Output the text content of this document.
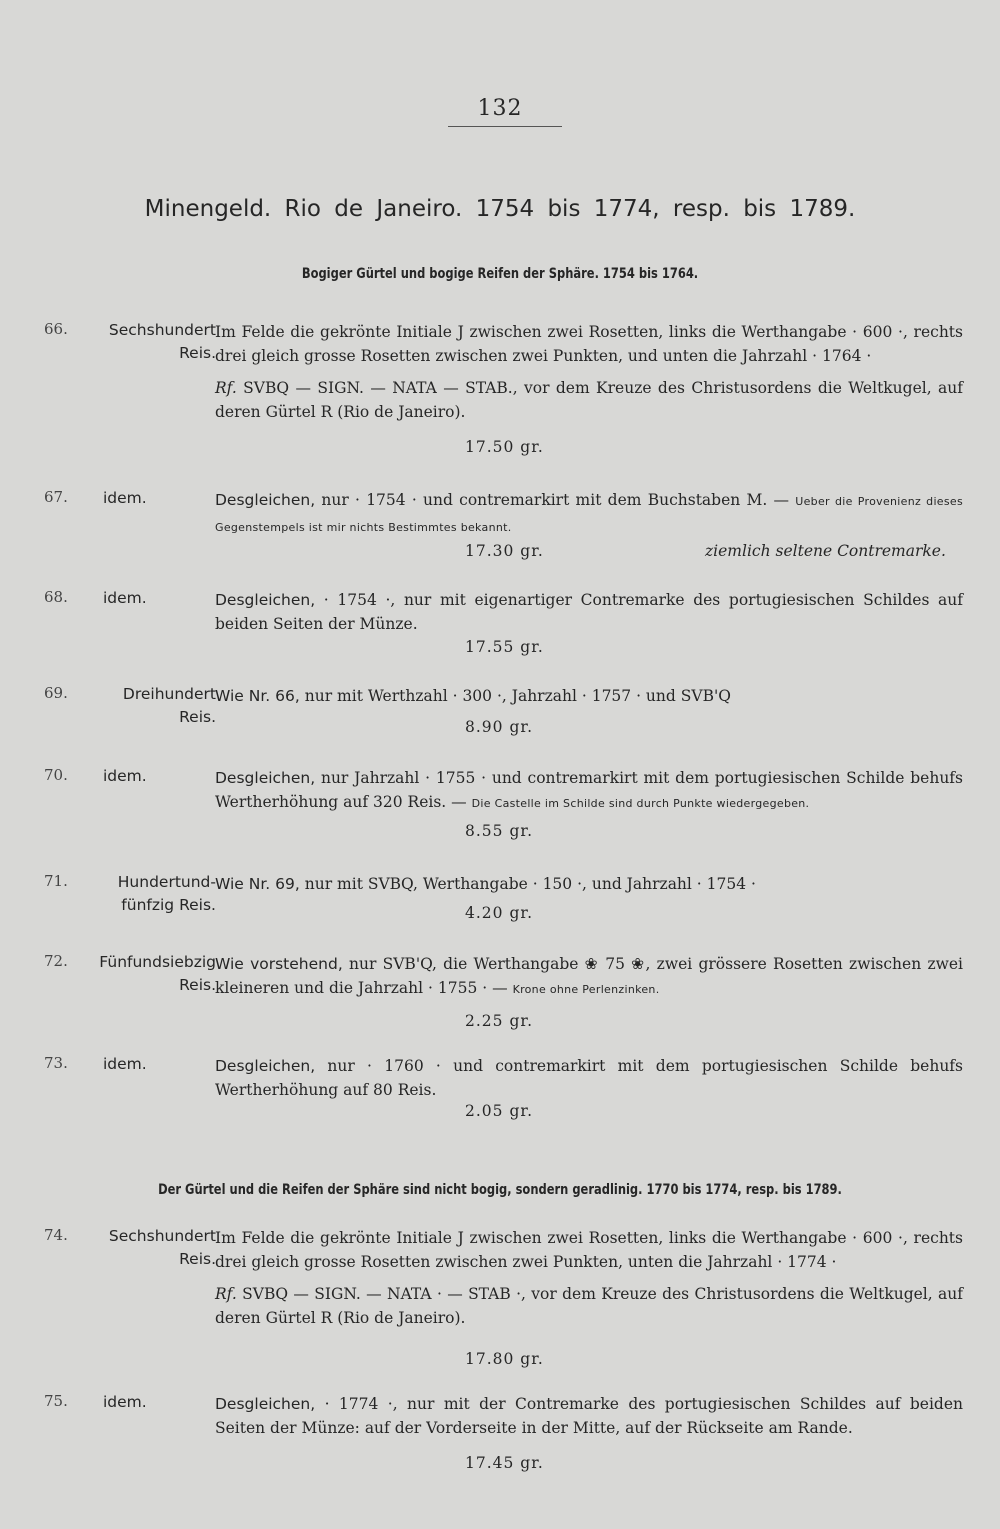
132
Minengeld. Rio de Janeiro. 1754 bis 1774, resp. bis 1789.
Bogiger Gürtel und bogige Reifen der Sphäre. 1754 bis 1764.
66.	Sechshundert
Reis.
Im Felde die gekrönte Initiale J zwischen zwei Rosetten, links die Werthangabe · 600 ·, rechts drei gleich grosse Rosetten zwischen zwei Punkten, und unten die Jahrzahl · 1764 ·
Rf. SVBQ — SIGN. — NATA — STAB., vor dem Kreuze des Christusordens die Weltkugel, auf deren Gürtel R (Rio de Janeiro).
17.50 gr.
67. idem.	Desgleichen, nur · 1754 · und contremarkirt mit dem Buchstaben M. — Ueber die Provenienz dieses Gegenstempels ist mir nichts Bestimmtes bekannt.
17.30 gr.	ziemlich seltene Contremarke.
68. idem.	Desgleichen, · 1754 ·, nur mit eigenartiger Contremarke des portugiesischen Schildes auf beiden Seiten der Münze.
17.55 gr.
69.	Dreihundert
Reis.
Wie Nr. 66, nur mit Werthzahl · 300 ·, Jahrzahl · 1757 · und SVB'Q
8.90 gr.
70. idem.	Desgleichen, nur Jahrzahl · 1755 · und contremarkirt mit dem portugiesischen Schilde behufs Wertherhöhung auf 320 Reis. — Die Castelle im Schilde sind durch Punkte wiedergegeben.
8.55 gr.
71.	Hundertund-
fünfzig Reis.
Wie Nr. 69, nur mit SVBQ, Werthangabe · 150 ·, und Jahrzahl · 1754 ·
4.20 gr.
72.	Fünfundsiebzig
Reis.
Wie vorstehend, nur SVB'Q, die Werthangabe ❀ 75 ❀, zwei grössere Rosetten zwischen zwei kleineren und die Jahrzahl · 1755 · — Krone ohne Perlenzinken.
2.25 gr.
73. idem.	Desgleichen, nur · 1760 · und contremarkirt mit dem portugiesischen Schilde behufs Wertherhöhung auf 80 Reis.
2.05 gr.
Der Gürtel und die Reifen der Sphäre sind nicht bogig, sondern geradlinig. 1770 bis 1774, resp. bis 1789.
74.	Sechshundert
Reis.
Im Felde die gekrönte Initiale J zwischen zwei Rosetten, links die Werthangabe · 600 ·, rechts drei gleich grosse Rosetten zwischen zwei Punkten, unten die Jahrzahl · 1774 ·
Rf. SVBQ — SIGN. — NATA · — STAB ·, vor dem Kreuze des Christusordens die Weltkugel, auf deren Gürtel R (Rio de Janeiro).
17.80 gr.
75. idem.	Desgleichen, · 1774 ·, nur mit der Contremarke des portugiesischen Schildes auf beiden Seiten der Münze: auf der Vorderseite in der Mitte, auf der Rückseite am Rande.
17.45 gr.
